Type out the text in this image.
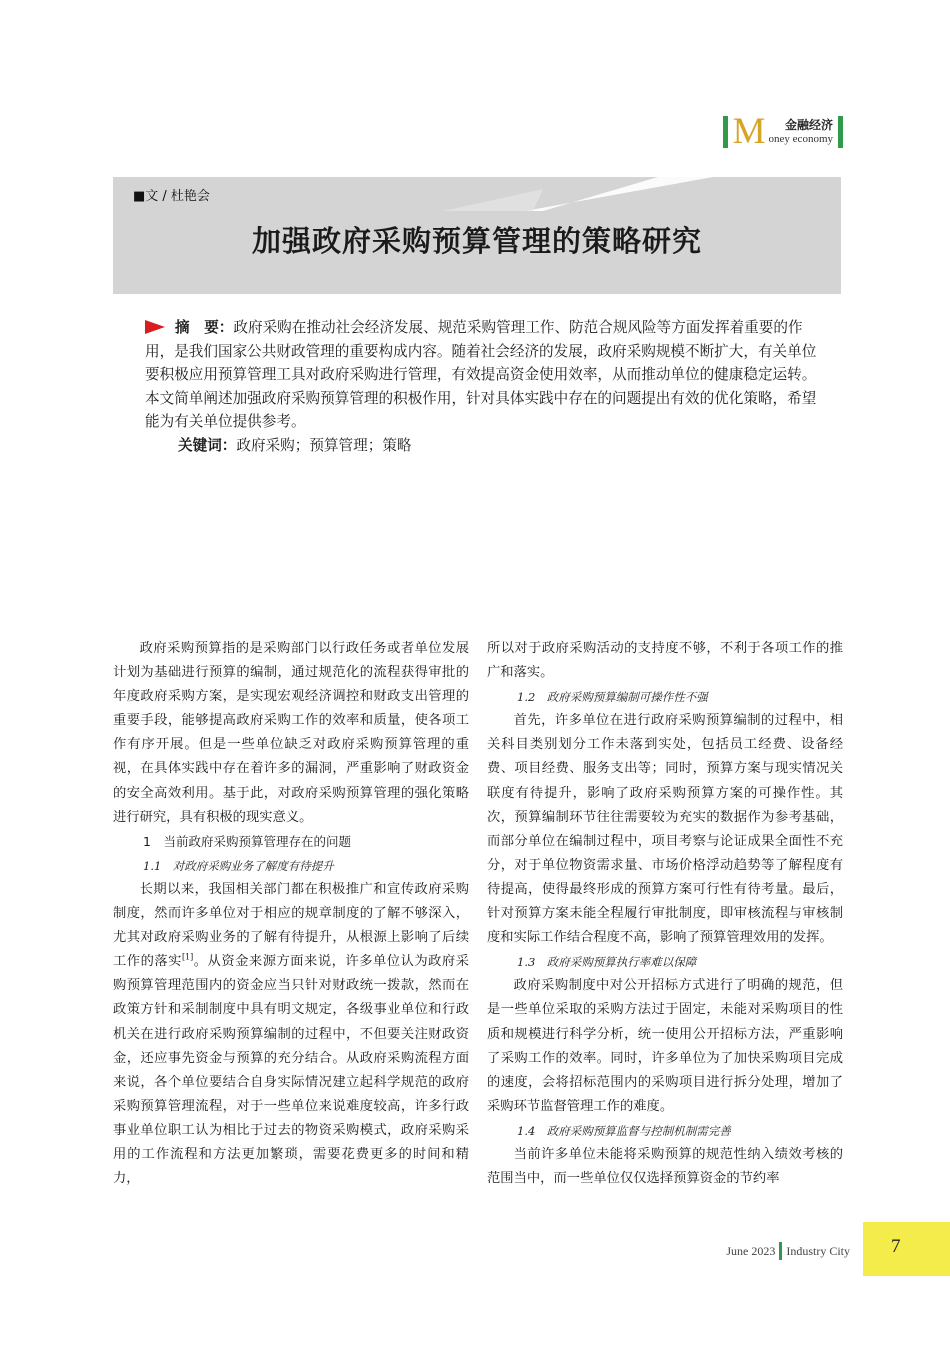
M	金融经济
oney economy
■文 / 杜艳会
加强政府采购预算管理的策略研究

摘　要：政府采购在推动社会经济发展、规范采购管理工作、防范合规风险等方面发挥着重要的作用，是我们国家公共财政管理的重要构成内容。随着社会经济的发展，政府采购规模不断扩大，有关单位要积极应用预算管理工具对政府采购进行管理，有效提高资金使用效率，从而推动单位的健康稳定运转。本文简单阐述加强政府采购预算管理的积极作用，针对具体实践中存在的问题提出有效的优化策略，希望能为有关单位提供参考。

关键词：政府采购；预算管理；策略

政府采购预算指的是采购部门以行政任务或者单位发展计划为基础进行预算的编制，通过规范化的流程获得审批的年度政府采购方案，是实现宏观经济调控和财政支出管理的重要手段，能够提高政府采购工作的效率和质量，使各项工作有序开展。但是一些单位缺乏对政府采购预算管理的重视，在具体实践中存在着许多的漏洞，严重影响了财政资金的安全高效利用。基于此，对政府采购预算管理的强化策略进行研究，具有积极的现实意义。

1　当前政府采购预算管理存在的问题

1.1　对政府采购业务了解度有待提升

长期以来，我国相关部门都在积极推广和宣传政府采购制度，然而许多单位对于相应的规章制度的了解不够深入，尤其对政府采购业务的了解有待提升，从根源上影响了后续工作的落实[1]。从资金来源方面来说，许多单位认为政府采购预算管理范围内的资金应当只针对财政统一拨款，然而在政策方针和采制制度中具有明文规定，各级事业单位和行政机关在进行政府采购预算编制的过程中，不但要关注财政资金，还应事先资金与预算的充分结合。从政府采购流程方面来说，各个单位要结合自身实际情况建立起科学规范的政府采购预算管理流程，对于一些单位来说难度较高，许多行政事业单位职工认为相比于过去的物资采购模式，政府采购采用的工作流程和方法更加繁琐，需要花费更多的时间和精力，

所以对于政府采购活动的支持度不够，不利于各项工作的推广和落实。

1.2　政府采购预算编制可操作性不强

首先，许多单位在进行政府采购预算编制的过程中，相关科目类别划分工作未落到实处，包括员工经费、设备经费、项目经费、服务支出等；同时，预算方案与现实情况关联度有待提升，影响了政府采购预算方案的可操作性。其次，预算编制环节往往需要较为充实的数据作为参考基础，而部分单位在编制过程中，项目考察与论证成果全面性不充分，对于单位物资需求量、市场价格浮动趋势等了解程度有待提高，使得最终形成的预算方案可行性有待考量。最后，针对预算方案未能全程履行审批制度，即审核流程与审核制度和实际工作结合程度不高，影响了预算管理效用的发挥。

1.3　政府采购预算执行率难以保障

政府采购制度中对公开招标方式进行了明确的规范，但是一些单位采取的采购方法过于固定，未能对采购项目的性质和规模进行科学分析，统一使用公开招标方法，严重影响了采购工作的效率。同时，许多单位为了加快采购项目完成的速度，会将招标范围内的采购项目进行拆分处理，增加了采购环节监督管理工作的难度。

1.4　政府采购预算监督与控制机制需完善

当前许多单位未能将采购预算的规范性纳入绩效考核的范围当中，而一些单位仅仅选择预算资金的节约率

June 2023 Industry City 7
